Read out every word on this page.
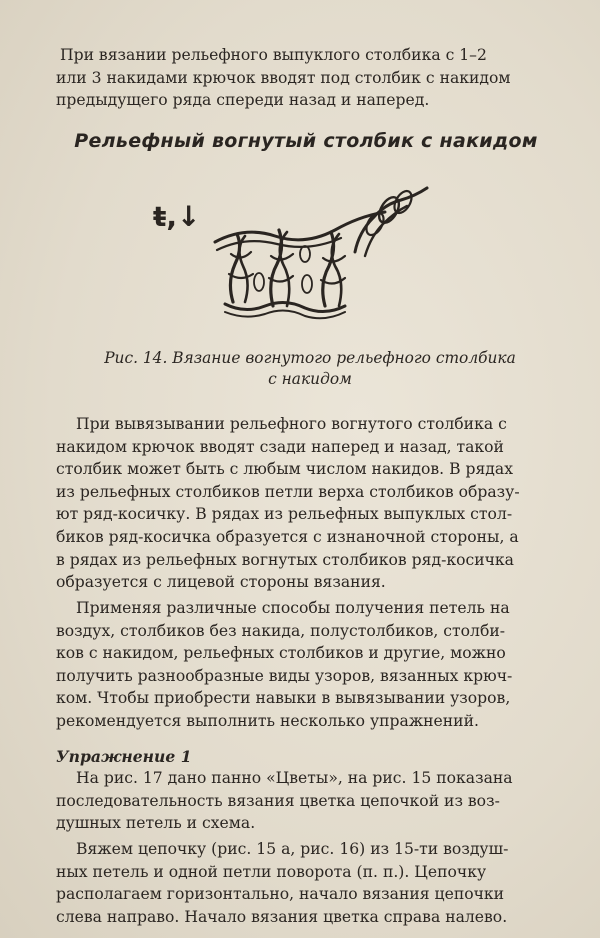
При вязании рельефного выпуклого столбика с 1–2
или 3 накидами крючок вводят под столбик с накидом
предыдущего ряда спереди назад и наперед.

Рельефный вогнутый столбик с накидом
ŧ,↓
Рис. 14. Вязание вогнутого рельефного столбика
с накидом

При вывязывании рельефного вогнутого столбика с
накидом крючок вводят сзади наперед и назад, такой
столбик может быть с любым числом накидов. В рядах
из рельефных столбиков петли верха столбиков образу-
ют ряд-косичку. В рядах из рельефных выпуклых стол-
биков ряд-косичка образуется с изнаночной стороны, а
в рядах из рельефных вогнутых столбиков ряд-косичка
образуется с лицевой стороны вязания.

Применяя различные способы получения петель на
воздух, столбиков без накида, полустолбиков, столби-
ков с накидом, рельефных столбиков и другие, можно
получить разнообразные виды узоров, вязанных крюч-
ком. Чтобы приобрести навыки в вывязывании узоров,
рекомендуется выполнить несколько упражнений.

Упражнение 1

На рис. 17 дано панно «Цветы», на рис. 15 показана
последовательность вязания цветка цепочкой из воз-
душных петель и схема.

Вяжем цепочку (рис. 15 а, рис. 16) из 15-ти воздуш-
ных петель и одной петли поворота (п. п.). Цепочку
располагаем горизонтально, начало вязания цепочки
слева направо. Начало вязания цветка справа налево.
